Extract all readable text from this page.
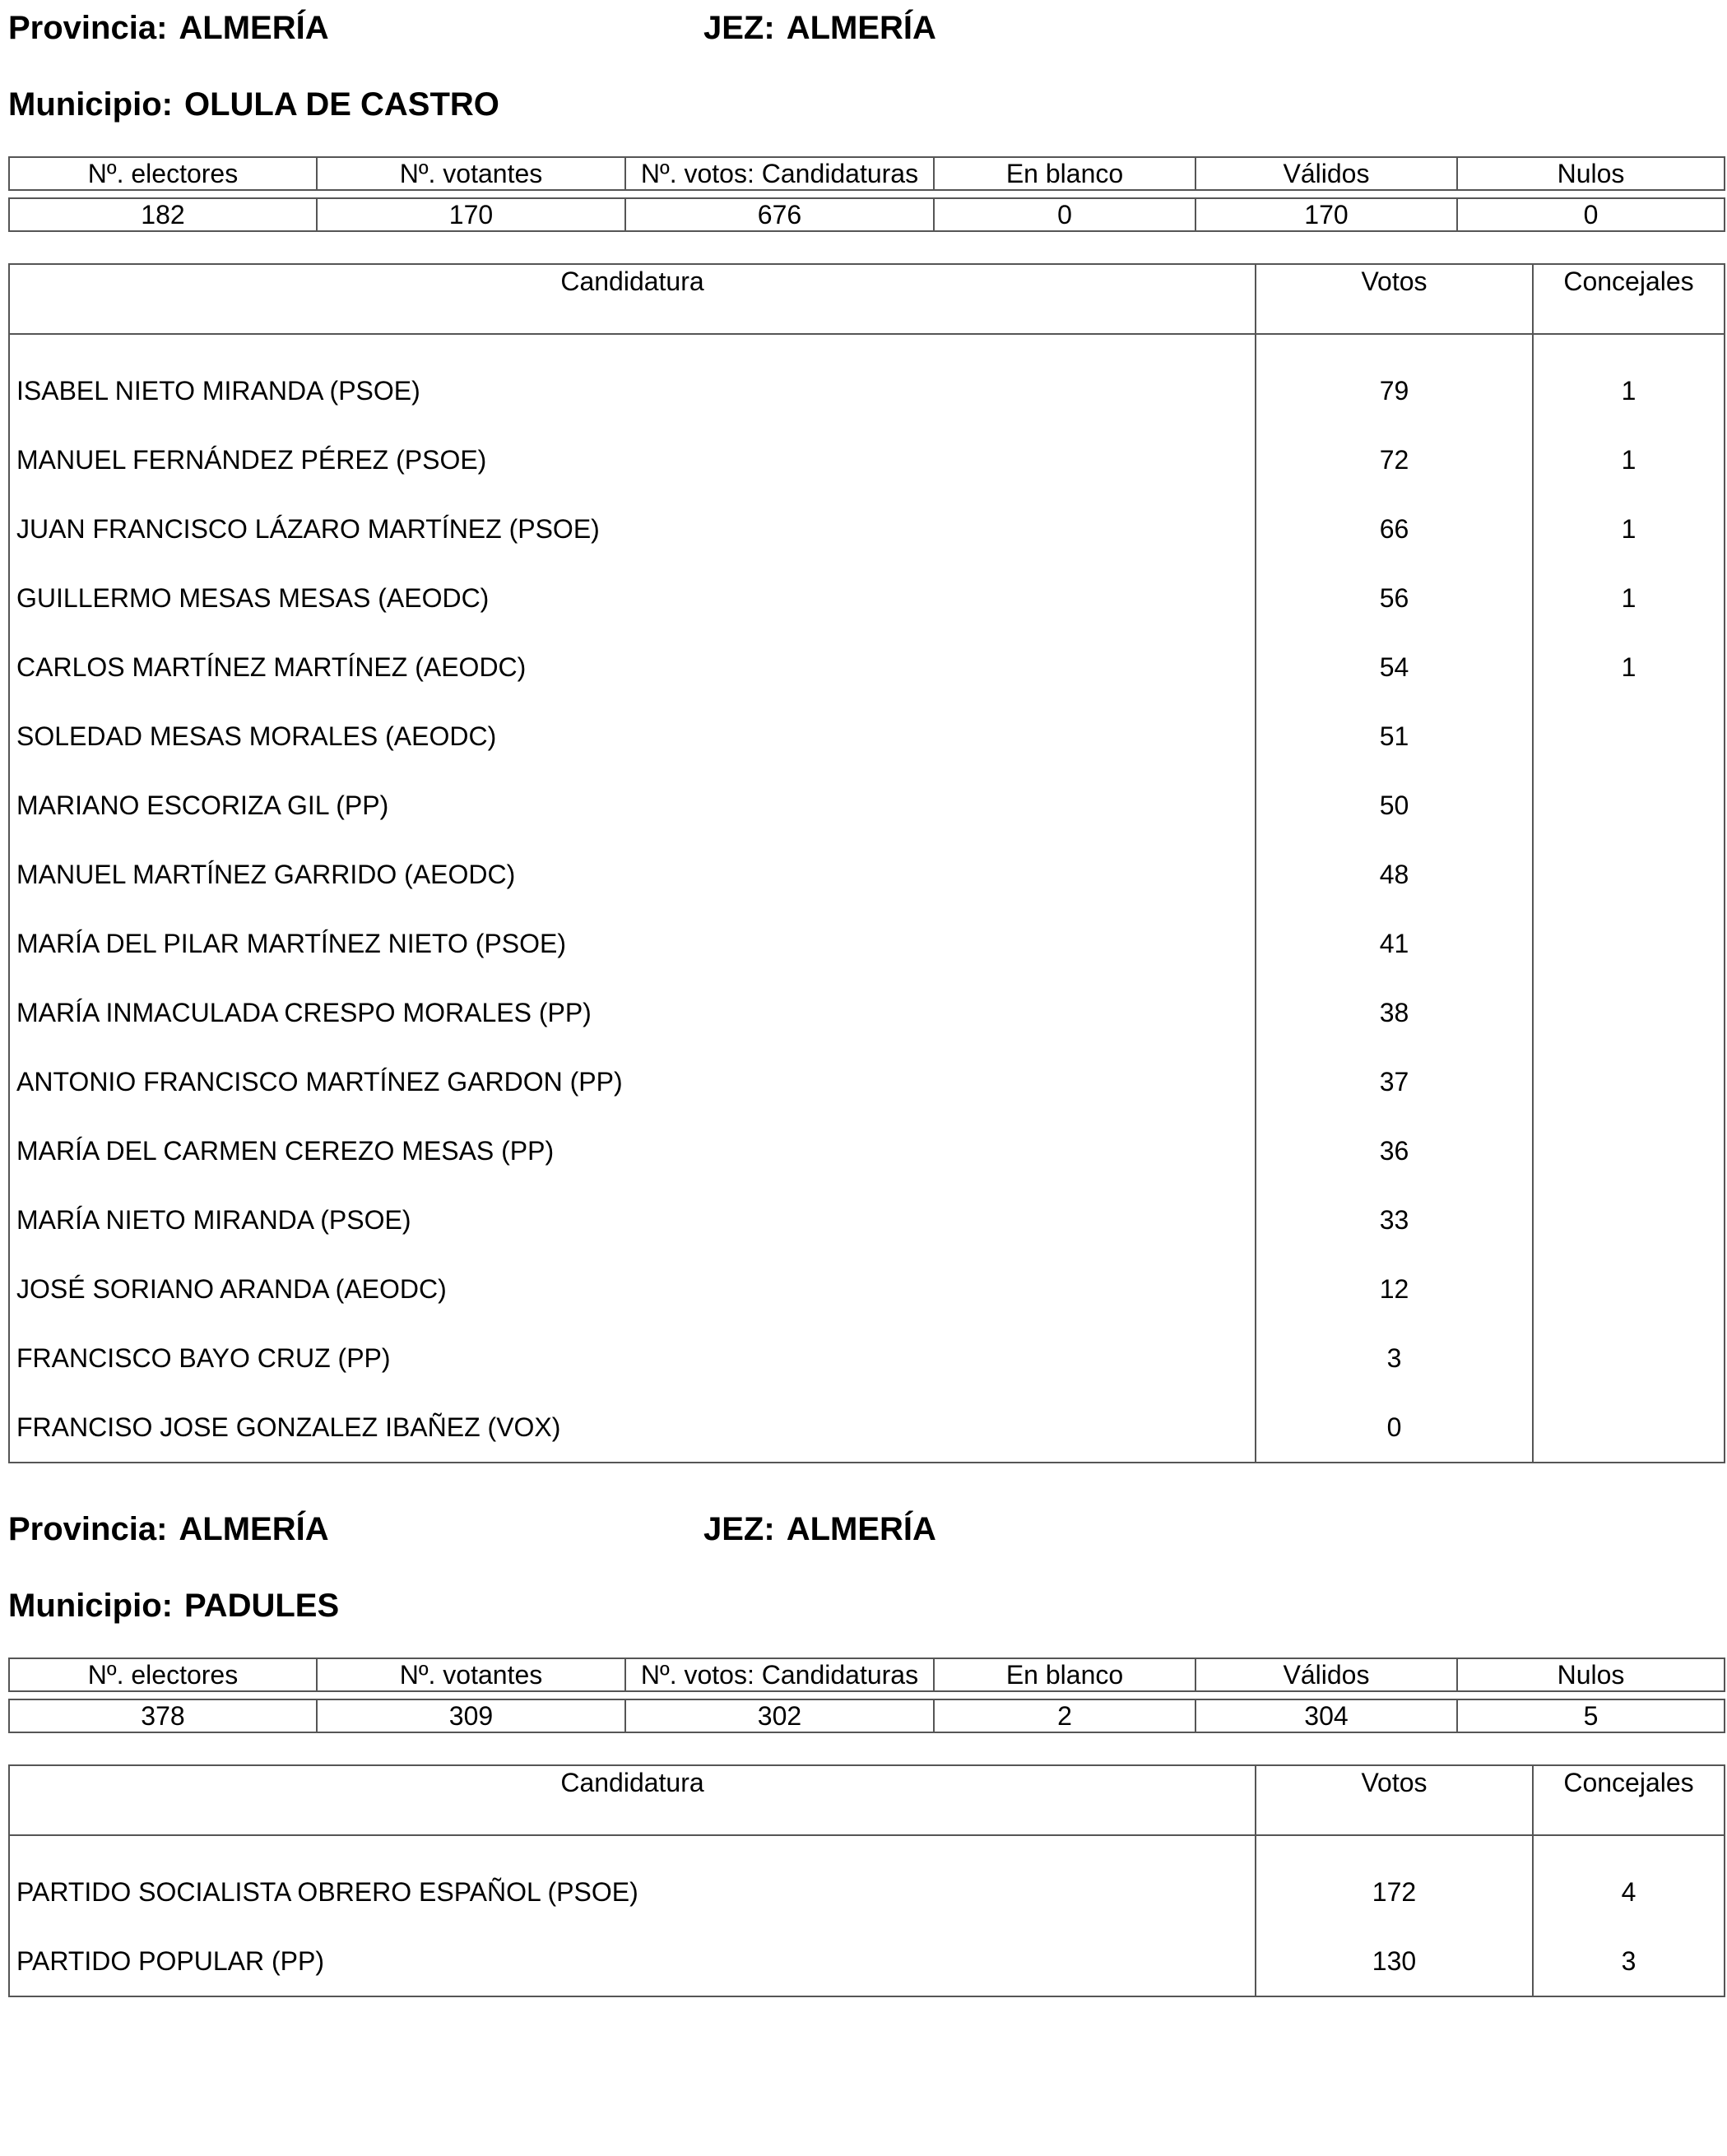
Provincia: ALMERÍA	JEZ: ALMERÍA
Municipio: OLULA DE CASTRO
Nº. electores	Nº. votantes	Nº. votos: Candidaturas	En blanco	Válidos	Nulos

182	170	676	0	170	0
Candidatura	Votos	Concejales
ISABEL NIETO MIRANDA (PSOE)	79	1
MANUEL FERNÁNDEZ PÉREZ (PSOE)	72	1
JUAN FRANCISCO LÁZARO MARTÍNEZ (PSOE)	66	1
GUILLERMO MESAS MESAS (AEODC)	56	1
CARLOS MARTÍNEZ MARTÍNEZ (AEODC)	54	1
SOLEDAD MESAS MORALES (AEODC)	51	
MARIANO ESCORIZA GIL (PP)	50	
MANUEL MARTÍNEZ GARRIDO (AEODC)	48	
MARÍA DEL PILAR MARTÍNEZ NIETO (PSOE)	41	
MARÍA INMACULADA CRESPO MORALES (PP)	38	
ANTONIO FRANCISCO MARTÍNEZ GARDON (PP)	37	
MARÍA DEL CARMEN CEREZO MESAS (PP)	36	
MARÍA NIETO MIRANDA (PSOE)	33	
JOSÉ SORIANO ARANDA (AEODC)	12	
FRANCISCO BAYO CRUZ (PP)	3	
FRANCISO JOSE GONZALEZ IBAÑEZ (VOX)	0	
Provincia: ALMERÍA	JEZ: ALMERÍA
Municipio: PADULES
Nº. electores	Nº. votantes	Nº. votos: Candidaturas	En blanco	Válidos	Nulos

378	309	302	2	304	5
Candidatura	Votos	Concejales
PARTIDO SOCIALISTA OBRERO ESPAÑOL (PSOE)	172	4
PARTIDO POPULAR (PP)	130	3
